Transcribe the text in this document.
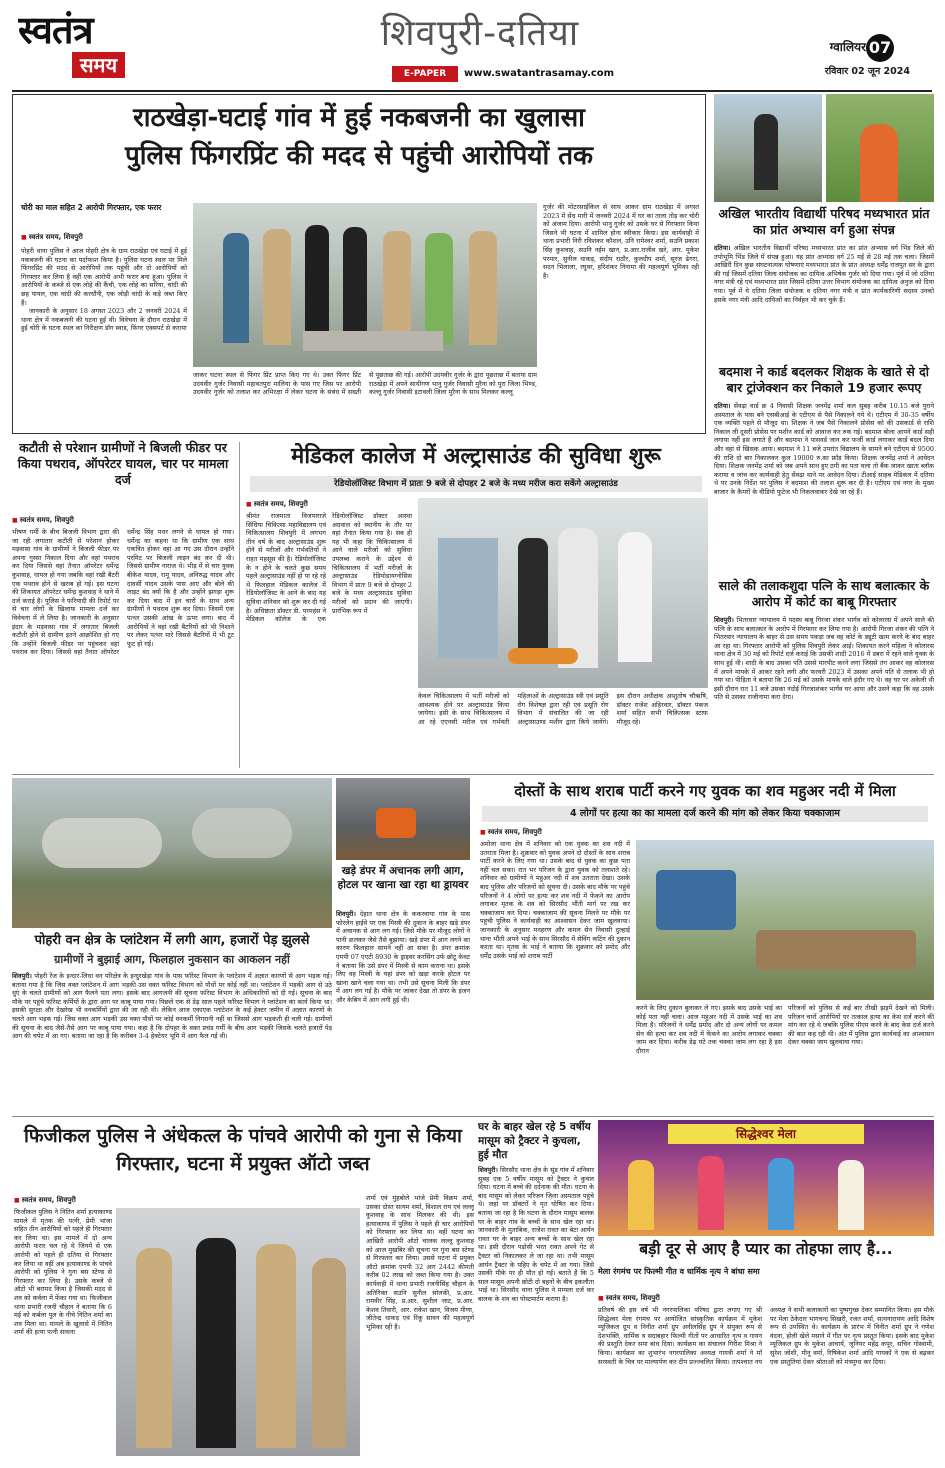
स्वतंत्र
समय
शिवपुरी-दतिया
E-PAPER	www.swatantrasamay.com
ग्वालियर 07
रविवार 02 जून 2024
राठखेड़ा-घटाई गांव में हुई नकबजनी का खुलासा
पुलिस फिंगरप्रिंट की मदद से पहुंची आरोपियों तक
चोरी का माल सहित 2 आरोपी गिरफ्तार, एक फरार
■ स्वतंत्र समय, शिवपुरी

पोहरी थाना पुलिस ने आज पोहरी क्षेत्र के ग्राम राठखेड़ा एवं घटाई में हुई नकबजनी की घटना का पर्दाफाश किया है। पुलिस घटना स्थल पर मिले फिंगरप्रिंट की मदद से आरोपियों तक पहुंची और दो आरोपियों को गिरफ्तार कर लिया है वहीं एक आरोपी अभी फरार बना हुआ। पुलिस ने आरोपियों के कब्जे से एक लोहे की कैंची, एक लोहे का सरिया, चांदी की छह पायल, एक चांदी की करधौनी, एक जोड़ी चांदी के कड़े जब्त किए हैं।

जानकारी के अनुसार 18 अगस्त 2023 और 2 जनवरी 2024 में थाना क्षेत्र में नकबजनी की घटना हुई थी। विवेचना के दौरान राठखेड़ा में हुई चोरी के घटना स्थल का निरीक्षण डॉग स्वाड, फिंगर एक्सपर्ट से कराया

जाकर घटना स्थल से फिंगर प्रिंट प्राप्त किए गए थे। उक्त फिंगर प्रिंट उदयवीर गुर्जर निवासी महावतपुरा मालिया के पास गए जिस पर आरोपी उदयवीर गुर्जर को तलाश कर अभिरक्षा में लेकर घटना के संबंध में सख्ती से पूछताछ की गई। आरोपी उदयवीर गुर्जर के द्वारा पूछताछ में बताया ग्राम राठखेड़ा में अपने साथीगण भानु गुर्जर निवासी मुरैना को पुरा जिला भिण्ड, कल्लू गुर्जर निवासी इटावली जिला मुरैना के साथ मिलकर कल्लू
गुर्जर की मोटरसाईकिल से साथ आकर ग्राम राठखेड़ा में अगस्त 2023 में सेंध मारी में जनवरी 2024 में घर का ताला तोड़ कर चोरी को अंजाम दिया। आरोपी भानु गुर्जर को उसके घर से गिरफ्तार किया जिसने भी घटना में शामिल होना स्वीकार किया। इस कार्यवाही में थाना प्रभारी निरी रविशंकर कौशल, उनि रामेश्वर शर्मा, सउनि प्रकाश सिंह कुशवाह, सउनि नईम खान, प्र.आर.राजीव खरे, आर. मुकेश परमार, सुनील धाकड़, संदीप राठौर, कुलदीप शर्मा, सूरज ढेगरा, सदन भिलाला, रघुवर, हरिशंकर निनामा की महत्वपूर्ण भूमिका रही है।
अखिल भारतीय विद्यार्थी परिषद मध्यभारत प्रांत का प्रांत अभ्यास वर्ग हुआ संपन्न
दतिया। अखिल भारतीय विद्यार्थी परिषद मध्यभारत प्रांत का प्रांत अभ्यास वर्ग भिंड जिले की तपोभूमि भिंड जिले में संपन्न हुआ। यह प्रांत अभ्यास वर्ग 25 मई से 28 मई तक चला। जिसमें आखिरी दिन कुछ संघटनात्मक घोषणाएं मध्यभारत प्रांत के प्रांत अध्यक्ष धर्मेंद्र राजपूत सर के द्वारा की गई जिसमें दतिया जिला संयोजक का दायित्व अभिषेक गुर्जर को दिया गया। पूर्व में जो दतिया नगर मंत्री रहे एवं मध्यभारत प्रांत जिसमें दतिया उत्तर विभाग संयोजक का दायित्व अनुज को दिया गया। पूर्व में ये दतिया जिला संयोजक व दतिया नगर मंत्री व प्रांत कार्यकारिणी सदस्य उनको इसके नगर मंत्री आदि दायित्वों का निर्वहन भी कर चुके हैं।
बदमाश ने कार्ड बदलकर शिक्षक के खाते से दो बार ट्रांजेक्शन कर निकाले 19 हजार रूपए
दतिया। सेंवढ़ा वार्ड क्र 4 निवासी शिक्षक जनमेंद्र शर्मा कल सुबह करीब 10.15 बजे पुराने अस्पताल के पास बने एसबीआई के एटीएम से पैसे निकालने गये थे। एटीएम में 30-35 वर्षीय एक व्यक्ति पहले से मौजूद था। शिक्षक ने जब पैसे निकालने प्रोसेस को की उसकार्ड से राशि निकाल ली दूसरी प्रोसेस पर मशीन कार्ड को आवाज कर रुक गई। बदमाश बोला आपने कार्ड सही लगाया नहीं इस लगाते हैं और बदमाश ने पासवर्ड जान कर फर्जी कार्ड लगाकर कार्ड बदल दिया और वहां से खिसक आया। बदमाश ने 11 बजे उपरांत विद्यालय के सामने बने एटीएम से 9500 की राशि दो बार निकालकर कुल 19000 रु.का फ्रॉड किया। शिक्षक जनमेंद्र शर्मा ने आवेदन दिया। शिक्षक जनमेंद्र शर्मा को जब अपने साथ हुए ठगी का पता चला तो बैंक जाकर खाता ब्लॉक कराया व जांच कर कार्यवाही हेतु सेंवढ़ा थाने पर आवेदन दिया। टीआई साहब मेडिकल में दतिया थे पर उनके निर्देश पर पुलिस ने बदमाश की तलाश शुरू कर दी है। एटीएम एवं नगर के मुख्य बाजार के कैमरों के वीडियो फुटेज भी निकलवाकर देखे जा रहे हैं।
साले की तलाकशुदा पत्नि के साथ बलात्कार के आरोप में कोर्ट का बाबू गिरफ्तार
शिवपुरी। भितरवार न्यायालय में पदस्थ बाबू गिरजा शंकर भार्गव को कोलारस में अपने साले की पत्नि के साथ बलात्कार के आरोप में गिरफ्तार कर लिया गया है। आरोपी गिरजा शंकर की पत्नि ने भितरवार न्यायालय के बाहर से उस समय पकड़ा जब वह कोर्ट के ड्यूटी खत्म करने के बाद बाहर आ रहा था। गिरफ्तार आरोपी को पुलिस शिवपुरी लेकर आई। शिकायत करने महिला ने कोलारस थाना क्षेत्र में 30 मई को रिपोर्ट दर्ज कराई कि उसकी शादी 2016 में डबरा में रहने वाले युवक के साथ हुई थी। शादी के बाद उसका पति उससे मारपीट करने लगा जिससे तंग आकर वह कोलारस में अपने मायके में आकर रहने लगी और फरवरी 2023 में उसका अपने पति से तलाक भी हो गया था। पीड़िता ने बताया कि 26 मई को उसके मायके वाले इंदौर गए थे। वह घर पर अकेली थी इसी दौरान रात 11 बजे उसका नंदोई गिरजाशंकर भार्गव घर आया और उसने कहा कि वह उसके पति से उसका राजीनामा करा देगा।
कटौती से परेशान ग्रामीणों ने बिजली फीडर पर किया पथराव, ऑपरेटर घायल, चार पर मामला दर्ज
■ स्वतंत्र समय, शिवपुरी
भीषण गर्मी के बीच बिजली विभाग द्वारा की जा रही लगातार कटौती से परेशान होकर मड़वासा गांव के ग्रामीणों ने बिजली फीडर पर अपना गुस्सा निकाल दिया और वहां पथराव कर दिया जिससे वहां तैनात ऑपरेटर धर्मेन्द्र कुशवाह, घायल हो गया जबकि वहां रखी बैटरी एक पथराव होने से खराब हो गई। इस घटना की शिकायत ऑपरेटर धर्मेन्द्र कुशवाह ने थाने में दर्ज कराई है। पुलिस ने फरियादी की रिपोर्ट पर से चार लोगों के खिलाफ मामला दर्ज कर विवेचना में ले लिया है। जानकारी के अनुसार इंदार के मड़वासा गांव में लगातार बिजली कटौती होने से ग्रामीण इतने आक्रोशित हो गए कि उन्होंने बिजली फीडर पर पहुंचकर वहां पथराव कर दिया। जिससे वहां तैनात ऑपरेटर धर्मेन्द्र सिंह पथर लगने से घायल हो गया। धर्मेन्द्र का कहना था कि ग्रामीण एक साथ एकत्रित होकर वहां आ गए उस दौरान उन्होंने परमिट पर बिजली लाइन बंद कर दी थी। जिससे ग्रामीण नाराज थे। भीड़ में से चार युवक बीकेश यादव, रामू यादव, अनिरुद्ध यादव और दावर्सी यादव उसके पास आए और बोले की लाइट बंद क्यों कि है और उन्होंने झगड़ा शुरू कर दिया बाद में इन चारों के साथ अन्य ग्रामीणों ने पथराव शुरू कर दिया। जिसमें एक पत्थर उसकी आंख के ऊपर लगा। बाद में आरोपियों ने वहां रखी बैटरियों को भी निशाने पर लेकर पत्थर मारे जिससे बैटरियों में भी टूट फूट हो गई।
मेडिकल कालेज में अल्ट्रासाउंड की सुविधा शुरू
रेडियोलॉजिस्ट विभाग में प्रातः 9 बजे से दोपहर 2 बजे के मध्य मरीज करा सकेंगे अल्ट्रासाउंड
■ स्वतंत्र समय, शिवपुरी
श्रीमंत राजमाता विजयाराजे सिंधिया चिकित्सा महाविद्यालय एवं चिकित्सालय शिवपुरी में लगभग तीन वर्ष के बाद अल्ट्रासाउंड शुरू होने से मरीजों और गर्भवतियों ने राहत महसूस की है। रेडियोलॉजिस्ट के न होने के चलते कुछ समय पहले अल्ट्रासाउंड नहीं हो पा रहे रहे थे फिलहाल मेडिकल कालेज में रेडियोलॉजिस्ट के आने के बाद यह सुविधा शनिवार को शुरू कर दी गई है। अधिष्ठाता डॉक्टर डी. परमहंस ने मेडिकल कॉलेज के एक रेडियोलॉजिस्ट डॉक्टर आस्था अग्रवाल को स्थानीय के तौर पर वहां तैनात किया गया है। सब ही यह भी कहा कि चिकित्सालय में आने वाले मरीजों को सुविधा उपलब्ध कराने के उद्देश्य से चिकित्सालय में भर्ती मरीजों के अल्ट्रासाउंड रेडियोडायग्नोसिस विभाग में प्रातः 9 बजे से दोपहर 2 बजे के मध्य अल्ट्रासाउंड सुविधा मरीजों को प्रदान की जाएगी। प्रारंभिक रूप में
केवल चिकित्सालय में भर्ती मरीजों को आवश्यक होने पर अल्ट्रासाउंड किया जायेगा। इसी के साथ चिकित्सालय में आ रहे एएनसी मरीज एवं गर्भवती महिलाओं के अल्ट्रासाउंड स्त्री एवं प्रसूति रोग विशेषज्ञ द्वारा रही एवं प्रसूति रोग विभाग में संचालित की जा रही अल्ट्रासाउण्ड मशीन द्वारा किये जायेंगे। इस दौरान अधीक्षक आशुतोष चौऋषि, डॉक्टर राजेश अहिरवार, डॉक्टर पंकज शर्मा सहित सभी चिकित्सक स्टाफ मौजूद रहे।
पोहरी वन क्षेत्र के प्लांटेशन में लगी आग, हजारों पेड़ झुलसे
ग्रामीणों ने बुझाई आग, फिलहाल नुकसान का आकलन नहीं
शिवपुरी। पोहरी रेंज के इन्दार-लिधा वन परिक्षेत्र के इन्दुरखेड़ा गांव के पास फॉरेस्ट विभाग के प्लांटेशन में अज्ञात कारणों से आग भड़क गई। बताया गया है कि जिस वक्त प्लांटेशन में आग भड़की उस वक्त फॉरेस्ट विभाग को पौधों पर कोई नहीं था। प्लांटेशन में भड़की आग से उठे धुएं के चलते ग्रामीणों को आग फैलने पता लगा। इसके बाद आगजनी की सूचना फॉरेस्ट विभाग के अधिकारियों को दी गई। सूचना के बाद मौके पर पहुंचे फॉरेस्ट कर्मियों के द्वारा आग पर काबू पाया गया। पिछले एक से डेढ़ साल पहले फॉरेस्ट विभाग ने प्लांटेशन का कार्य किया था। इसकी सुरक्षा और देखरेख भी वनकर्मियों द्वारा की जा रही थी। लेकिन आज एकाएक प्लांटेशन के कई हेक्टर जमीन में अज्ञात कारणों के चलते आग भड़क गई। जिस वक्त आग भड़की उस वक्त पौधों पर कोई वनकर्मी निगरानी नहीं था जिससे आग भड़कती ही चली गई। ग्रामीणों की सूचना के बाद जैसे-तैसे आग पर काबू पाया गया। कहा है कि दोपहर के वक्त प्रचंड गर्मी के बीच आग भड़की जिसके चलते हजारों पेड़ आग की चपेट में आ गए। बताया जा रहा है कि करीबन 3-4 हेक्टेयर भूमि में आग फैल गई थी।
खड़े डंपर में अचानक लगी आग, होटल पर खाना खा रहा था ड्रायवर
शिवपुरी। देहात थाना क्षेत्र के ककरवाया गांव के पास फोरलेन हाईवे पर एक मिस्त्री की दुकान के बाहर खड़े डंपर में अचानक से आग लग गई। जिसे मौके पर मौजूद लोगों ने पानी डालकर जैसे तैसे बुझाया। खड़े डंपर में आग लगने का कारण फिलहाल सामने नहीं आ सका है। डंपर क्रमांक एमपी 07 एएटी 8930 के ड्राइवर करसिंग उर्फ छोटू केवट ने बताया कि उसे डंपर में मिस्त्री से काम कराना था। इसके लिए वह मिस्त्री के यहां डंपर को खड़ा करके होटल पर खाना खाने चला गया था। तभी उसे सूचना मिली कि डंपर में आग लग गई है। मौके पर जाकर देखा तो डंपर के इंजन और केबिन में आग लगी हुई थी।
दोस्तों के साथ शराब पार्टी करने गए युवक का शव महुअर नदी में मिला
4 लोगों पर हत्या का का मामला दर्ज करने की मांग को लेकर किया चक्काजाम
■ स्वतंत्र समय, शिवपुरी
अमोला थाना क्षेत्र में शनिवार को एक युवक का शव नदी में उतराता मिला है। शुक्रवार को युवक अपने दो दोस्तों के साथ शराब पार्टी करने के लिए गया था। उसके बाद से युवक का कुछ पता नहीं चल सका। रात भर परिजन के द्वारा युवक को तलाशते रहे। शनिवार को ग्रामीणों ने महुअर नदी में शव उतराता देखा। उसके बाद पुलिस और परिजनों को सूचना दी। उसके बाद मौके पर पहुंचे परिजनों ने 4 लोगों पर हत्या कर शव नदी में फेंकने का आरोप लगाकर मृतक के शव को सिरसौद भौंती मार्ग पर रख कर चक्काजाम कर दिया। चक्काजाम की सूचना मिलने पर मौके पर पहुंची पुलिस ने कार्यवाही का आश्वासन देकर जाम खुलवाया। जानकारी के अनुसार मनहरण और कमल सेन निवासी दुल्हाई थाना भौंती अपने भाई के साथ सिरसौद में सेविंग कटिंग की दुकान करता था। मृतक के भाई ने बताया कि शुक्रवार को प्रमोद और धर्मेंद्र उसके भाई को शराब पार्टी
करने के लिए दुकान बुलाकर ले गए। इसके बाद उसके भाई का कोई पता नहीं चला। आज महुअर नदी में उसके भाई का शव मिला है। परिजनों ने धर्मेंद्र प्रमोद और दो अन्य लोगों पर कमल सेन की हत्या कर शव नदी में फेंकने का आरोप लगाकर चक्का जाम कर दिया। करीब डेढ़ घंटे तक चक्का जाम लग रहा है इस दौरान
परिजनों को पुलिस से कई बार तीखी झड़पें देखने को मिली। परिजन चारों आरोपियों पर तत्काल हत्या का केस दर्ज करने की मांग कर रहे थे जबकि पुलिस पीएम करने के बाद केस दर्ज करने की बात कह रही थी। अंत में पुलिस द्वारा कार्यवाई का आश्वासन देकर चक्का जाम खुलवाया गया।
फिजीकल पुलिस ने अंधेकत्ल के पांचवे आरोपी को गुना से किया गिरफ्तार, घटना में प्रयुक्त ऑटो जब्त
■ स्वतंत्र समय, शिवपुरी
फिजीकल पुलिस ने नितिन शर्मा हत्याकाण्ड मामले में मृतक की पत्नी, प्रेमी भांजा सहित तीन आरोपियों को पहले ही गिरफ्तार कर लिया था। इस मामले में दो अन्य आरोपी फरार चल रहे थे जिनमें से एक आरोपी को पहले ही दतिया से गिरफ्तार कर लिया था वहीं अब हत्याकाण्ड के पांचवे आरोपी को पुलिस ने गुना बस स्टेण्ड से गिरफ्तार कर लिया है। उसके कब्जे से ऑटो भी बरामद किया है जिसकी मदद से शव को कर्वला में फेंका गया था। फिजीकल थाना प्रभारी रजनी चौहान ने बताया कि 6 मई को कर्बला पुल के नीचे नितिन शर्मा का शव मिला था। मामले के खुलासे में नितिन शर्मा की हत्या पत्नी साधना
शर्मा एवं मुंहबोले भांजे प्रेमी विक्रम शर्मा, उसका दोस्त सत्यम शर्मा, विशाल राय एवं लल्लू कुशवाह के साथ मिलकर की थी। इस हत्याकाण्ड में पुलिस ने पहले ही चार आरोपियों को गिरफ्तार कर लिया था। वहीं घटना का आखिरी आरोपी ऑटो चालक लल्लू कुशवाह को आज मुखबिर की सूचना पर गुना बस स्टेण्ड से गिरफ्तार कर लिया। उससे घटना में प्रयुक्त ऑटो क्रमांक एमपी 32 आर 2442 कीमती करीब 02 लाख को जब्त किया गया है। उक्त कार्यवाही में थाना प्रभारी रजनीसिंह चौहान के अतिरिक्त सउनि सुनील सोलंकी, प्र.आर. रामवीर सिंह, प्र.आर. सुशील जाट, प्र.आर. केशव तिवारी, आर. राकेश खान, विजय मीणा, जीतेन्द्र धाकड़ एवं रिंकू सावन की महत्वपूर्ण भूमिका रही है।
घर के बाहर खेल रहे 5 वर्षीय मासूम को ट्रैक्टर ने कुचला, हुई मौत
शिवपुरी। सिरसौद थाना क्षेत्र के सूंड गांव में शनिवार सुबह एक 5 वर्षीय मासूम को ट्रैक्टर ने कुचल दिया। घटना में बच्चे की दर्दनाक की मौत। घटना के बाद मासूम को लेकर परिजन जिला अस्पताल पहुंचे थे। जहां पर डॉक्टरों ने मृत घोषित कर दिया। बताया जा रहा है कि घटना के दौरान मासूम बालक घर के बाहर गांव के बच्चों के साथ खेल रहा था। जानकारी के मुताबिक, राजेश रावत का बेटा आर्यन रावत घर के बाहर अन्य बच्चों के साथ खेल रहा था। इसी दौरान पड़ोसी भरत रावत अपने गेट से ट्रैक्टर को निकालकर ले जा रहा था। तभी मासूम आर्यन ट्रैक्टर के पहिए के चपेट में आ गया। जिसे उसकी मौके पर ही मौत हो गई। बताते हैं कि 5 साल मासूम अपनी छोटी दो बहनों के बीच इकलौता भाई था। सिरसौद थाना पुलिस ने मामला दर्ज कर बालक के शव का पोस्टमार्टम कराया है।
सिद्धेश्वर मेला
बड़ी दूर से आए है प्यार का तोहफा लाए है...
मेला रंगमंच पर फिल्मी गीत व धार्मिक नृत्य ने बांधा समा
■ स्वतंत्र समय, शिवपुरी
प्रतिवर्ष की इस वर्ष भी नगरपालिका परिषद द्वारा लगाए गए श्री सिद्धेश्वर मेला रंगमंच पर आयोजित सांस्कृतिक कार्यक्रम में मुकेश म्यूजिकल ग्रुप व निनीत शर्मा ग्रुप अनीलसिंह ग्रुप ने संयुक्त रूप से देशभक्ति, धार्मिक व सदाबहार फिल्मी गीतों पर आधारित नृत्य व गायन की प्रस्तुति देकर समा बांध दिया। कार्यक्रम का संचालन गिरीश मिश्रा ने किया। कार्यक्रम का शुभारंभ नगरपालिका अध्यक्ष गायत्री शर्मा ने माँ सरस्वती के चित्र पर माल्यार्पण कर दीप प्रज्ज्वलित किया। तत्पश्चात नप अध्यक्ष ने सभी कलाकारों का पुष्पगुच्छ देकर सम्मानित किया। इस मौके पर मेला ठेकेदार भागचन्द सिखरी, रजत शर्मा, सत्यनारायण आदि विशेष रूप से उपस्थित थे। कार्यक्रम के प्रारंभ में विनीत शर्मा ग्रुप ने गणेश वंदना, होली खेले मसाने में गीत पर नृत्य प्रस्तुत किया। इसके बाद मुकेश म्यूजिकल ग्रुप के मुकेश आचार्य, जूनियर महेंद्र कपूर, सचिन गोस्वामी, सुरेश जोशी, मीनू वर्मा, रिषिकेश शर्मा आदि गायकों ने एक से बढ़कर एक प्रस्तुतियां देकर श्रोताओं को मंत्रमुग्ध कर दिया।
